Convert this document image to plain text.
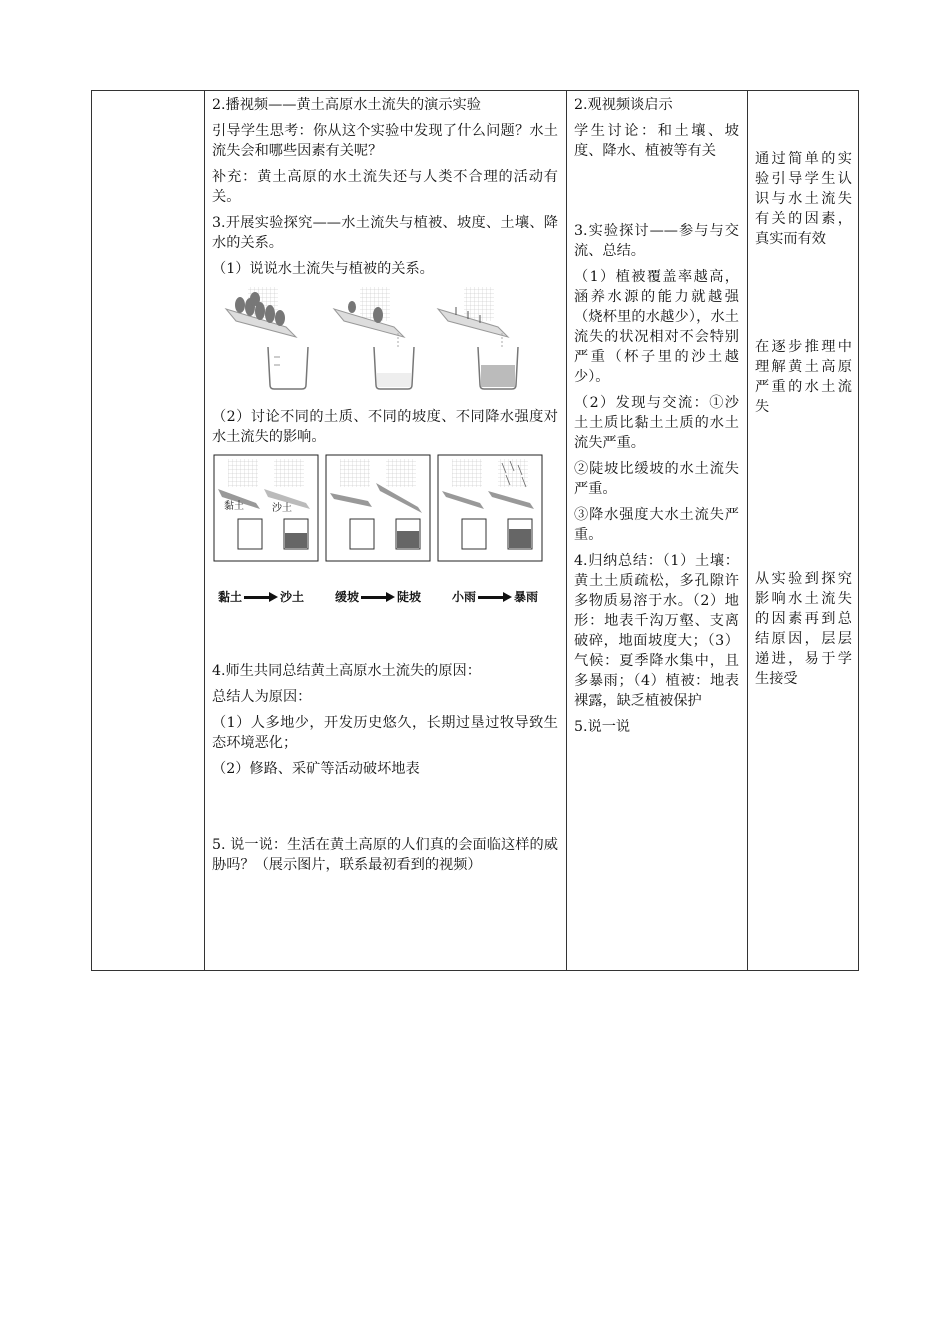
2.播视频——黄土高原水土流失的演示实验

引导学生思考：你从这个实验中发现了什么问题？水土流失会和哪些因素有关呢？

补充：黄土高原的水土流失还与人类不合理的活动有关。

3.开展实验探究——水土流失与植被、坡度、土壤、降水的关系。

（1）说说水土流失与植被的关系。

（2）讨论不同的土质、不同的坡度、不同降水强度对水土流失的影响。

黏土	沙土
黏土	沙土	缓坡	陡坡	小雨	暴雨

4.师生共同总结黄土高原水土流失的原因：

总结人为原因：

（1）人多地少，开发历史悠久，长期过垦过牧导致生态环境恶化；

（2）修路、采矿等活动破坏地表

5. 说一说：生活在黄土高原的人们真的会面临这样的威胁吗？（展示图片，联系最初看到的视频）

2.观视频谈启示

学生讨论：和土壤、坡度、降水、植被等有关

3.实验探讨——参与与交流、总结。

（1）植被覆盖率越高，涵养水源的能力就越强（烧杯里的水越少），水土流失的状况相对不会特别严重（杯子里的沙土越少）。

（2）发现与交流：①沙土土质比黏土土质的水土流失严重。

②陡坡比缓坡的水土流失严重。

③降水强度大水土流失严重。

4.归纳总结：（1）土壤：黄土土质疏松，多孔隙许多物质易溶于水。（2）地形：地表千沟万壑、支离破碎，地面坡度大；（3）气候：夏季降水集中，且多暴雨；（4）植被：地表裸露，缺乏植被保护

5.说一说

通过简单的实验引导学生认识与水土流失有关的因素，真实而有效

在逐步推理中理解黄土高原严重的水土流失

从实验到探究影响水土流失的因素再到总结原因，层层递进，易于学生接受
